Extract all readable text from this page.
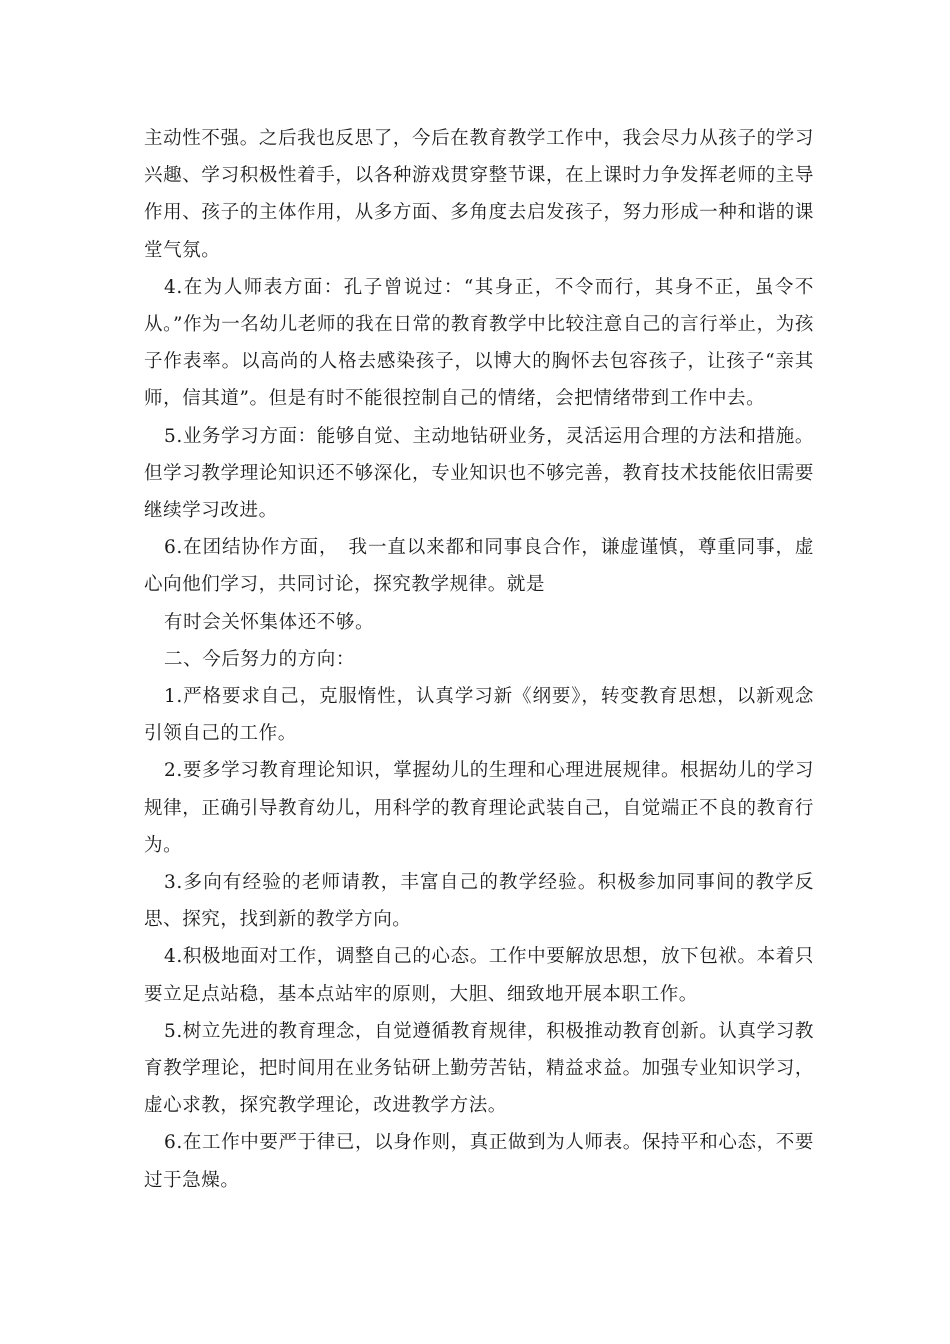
主动性不强。之后我也反思了，今后在教育教学工作中，我会尽力从孩子的学习兴趣、学习积极性着手，以各种游戏贯穿整节课，在上课时力争发挥老师的主导作用、孩子的主体作用，从多方面、多角度去启发孩子，努力形成一种和谐的课堂气氛。

4.在为人师表方面：孔子曾说过：“其身正，不令而行，其身不正，虽令不从。”作为一名幼儿老师的我在日常的教育教学中比较注意自己的言行举止，为孩子作表率。以高尚的人格去感染孩子，以博大的胸怀去包容孩子，让孩子“亲其师，信其道”。但是有时不能很控制自己的情绪，会把情绪带到工作中去。

5.业务学习方面：能够自觉、主动地钻研业务，灵活运用合理的方法和措施。但学习教学理论知识还不够深化，专业知识也不够完善，教育技术技能依旧需要继续学习改进。

6.在团结协作方面，　我一直以来都和同事良合作，谦虚谨慎，尊重同事，虚心向他们学习，共同讨论，探究教学规律。就是

有时会关怀集体还不够。

二、今后努力的方向：

1.严格要求自己，克服惰性，认真学习新《纲要》，转变教育思想，以新观念引领自己的工作。

2.要多学习教育理论知识，掌握幼儿的生理和心理进展规律。根据幼儿的学习规律，正确引导教育幼儿，用科学的教育理论武装自己，自觉端正不良的教育行为。

3.多向有经验的老师请教，丰富自己的教学经验。积极参加同事间的教学反思、探究，找到新的教学方向。

4.积极地面对工作，调整自己的心态。工作中要解放思想，放下包袱。本着只要立足点站稳，基本点站牢的原则，大胆、细致地开展本职工作。

5.树立先进的教育理念，自觉遵循教育规律，积极推动教育创新。认真学习教育教学理论，把时间用在业务钻研上勤劳苦钻，精益求益。加强专业知识学习，虚心求教，探究教学理论，改进教学方法。

6.在工作中要严于律已，以身作则，真正做到为人师表。保持平和心态，不要过于急燥。
